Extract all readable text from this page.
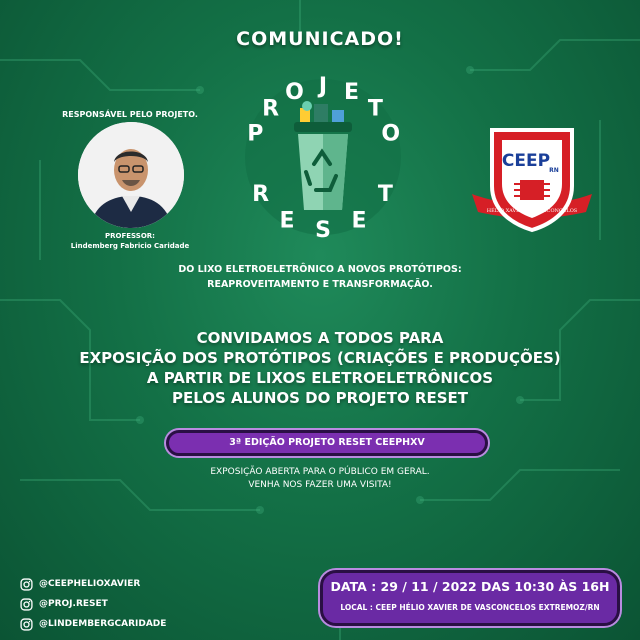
COMUNICADO!
RESPONSÁVEL PELO PROJETO.
PROFESSOR:
Lindemberg Fabricio Caridade
P
R
O J E
T
O
R
E S E
T
CEEP RN
HÉLIO XAVIER DE VASCONCELOS
DO LIXO ELETROELETRÔNICO A NOVOS PROTÓTIPOS:
REAPROVEITAMENTO E TRANSFORMAÇÃO.
CONVIDAMOS A TODOS PARA
EXPOSIÇÃO DOS PROTÓTIPOS (CRIAÇÕES E PRODUÇÕES)
A PARTIR DE LIXOS ELETROELETRÔNICOS
PELOS ALUNOS DO PROJETO RESET
3ª EDIÇÃO PROJETO RESET CEEPHXV
EXPOSIÇÃO ABERTA PARA O PÚBLICO EM GERAL.
VENHA NOS FAZER UMA VISITA!
@CEEPHELIOXAVIER
@PROJ.RESET
@LINDEMBERGCARIDADE
DATA : 29 / 11 / 2022 DAS 10:30 ÀS 16H
LOCAL : CEEP HÉLIO XAVIER DE VASCONCELOS EXTREMOZ/RN
